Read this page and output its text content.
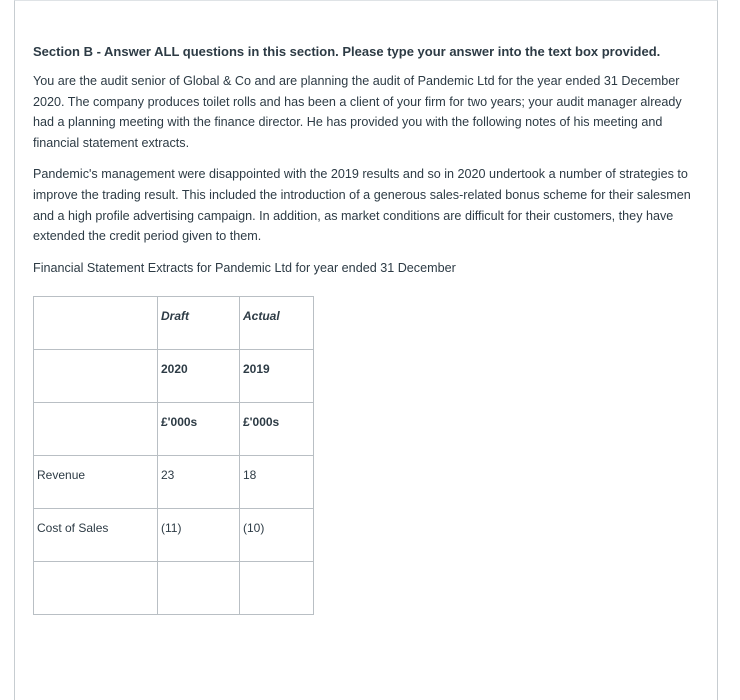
Section B - Answer ALL questions in this section. Please type your answer into the text box provided.

You are the audit senior of Global & Co and are planning the audit of Pandemic Ltd for the year ended 31 December 2020. The company produces toilet rolls and has been a client of your firm for two years; your audit manager already had a planning meeting with the finance director. He has provided you with the following notes of his meeting and financial statement extracts.

Pandemic's management were disappointed with the 2019 results and so in 2020 undertook a number of strategies to improve the trading result. This included the introduction of a generous sales-related bonus scheme for their salesmen and a high profile advertising campaign. In addition, as market conditions are difficult for their customers, they have extended the credit period given to them.

Financial Statement Extracts for Pandemic Ltd for year ended 31 December

	Draft	Actual
	2020	2019
	£'000s	£'000s
Revenue	23	18
Cost of Sales	(11)	(10)
